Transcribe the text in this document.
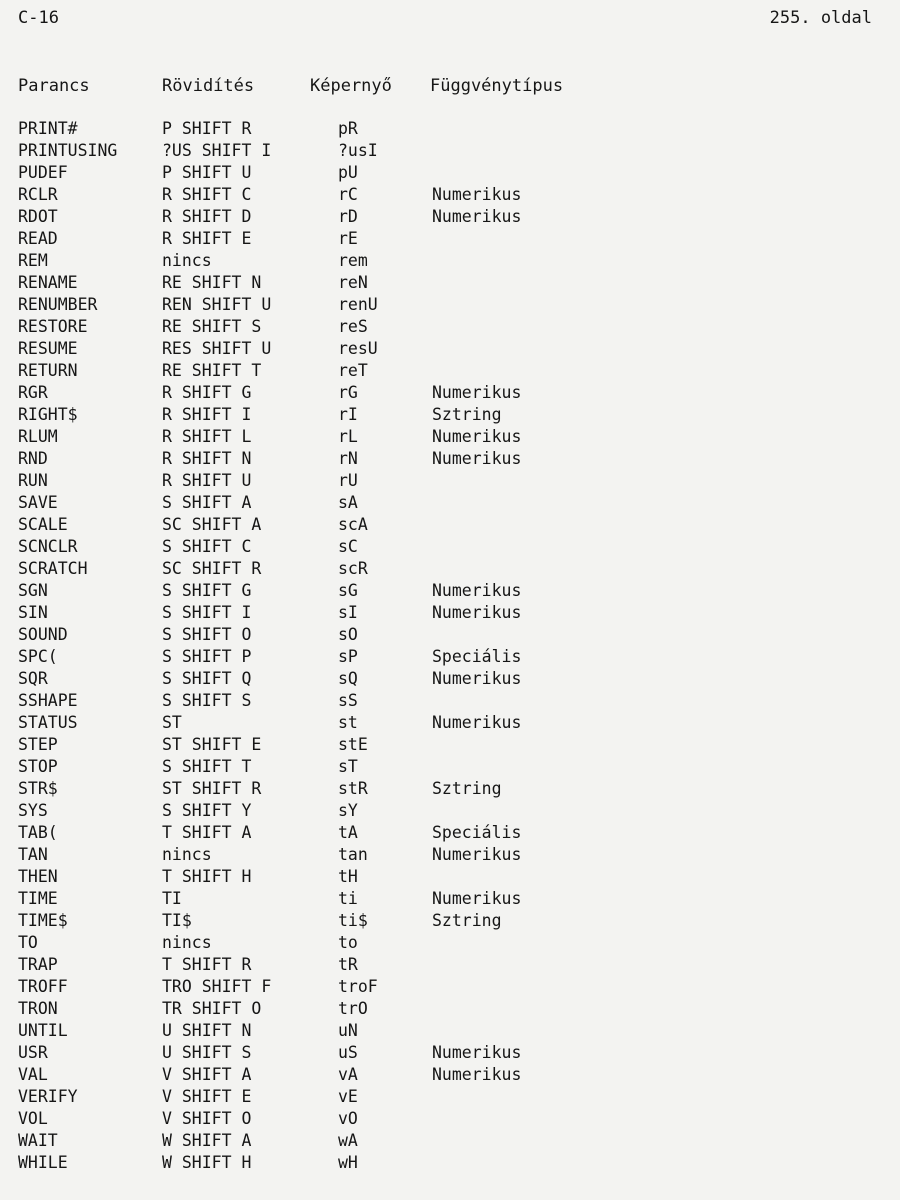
C-16	255. oldal
Parancs	Rövidítés	Képernyő Függvénytípus
PRINT#	P SHIFT R	pR
PRINTUSING	?US SHIFT I	?usI
PUDEF	P SHIFT U	pU
RCLR	R SHIFT C	rC	Numerikus
RDOT	R SHIFT D	rD	Numerikus
READ	R SHIFT E	rE
REM	nincs	rem
RENAME	RE SHIFT N	reN
RENUMBER	REN SHIFT U	renU
RESTORE	RE SHIFT S	reS
RESUME	RES SHIFT U	resU
RETURN	RE SHIFT T	reT
RGR	R SHIFT G	rG	Numerikus
RIGHT$	R SHIFT I	rI	Sztring
RLUM	R SHIFT L	rL	Numerikus
RND	R SHIFT N	rN	Numerikus
RUN	R SHIFT U	rU
SAVE	S SHIFT A	sA
SCALE	SC SHIFT A	scA
SCNCLR	S SHIFT C	sC
SCRATCH	SC SHIFT R	scR
SGN	S SHIFT G	sG	Numerikus
SIN	S SHIFT I	sI	Numerikus
SOUND	S SHIFT O	sO
SPC(	S SHIFT P	sP	Speciális
SQR	S SHIFT Q	sQ	Numerikus
SSHAPE	S SHIFT S	sS
STATUS	ST	st	Numerikus
STEP	ST SHIFT E	stE
STOP	S SHIFT T	sT
STR$	ST SHIFT R	stR	Sztring
SYS	S SHIFT Y	sY
TAB(	T SHIFT A	tA	Speciális
TAN	nincs	tan	Numerikus
THEN	T SHIFT H	tH
TIME	TI	ti	Numerikus
TIME$	TI$	ti$	Sztring
TO	nincs	to
TRAP	T SHIFT R	tR
TROFF	TRO SHIFT F	troF
TRON	TR SHIFT O	trO
UNTIL	U SHIFT N	uN
USR	U SHIFT S	uS	Numerikus
VAL	V SHIFT A	vA	Numerikus
VERIFY	V SHIFT E	vE
VOL	V SHIFT O	vO
WAIT	W SHIFT A	wA
WHILE	W SHIFT H	wH
